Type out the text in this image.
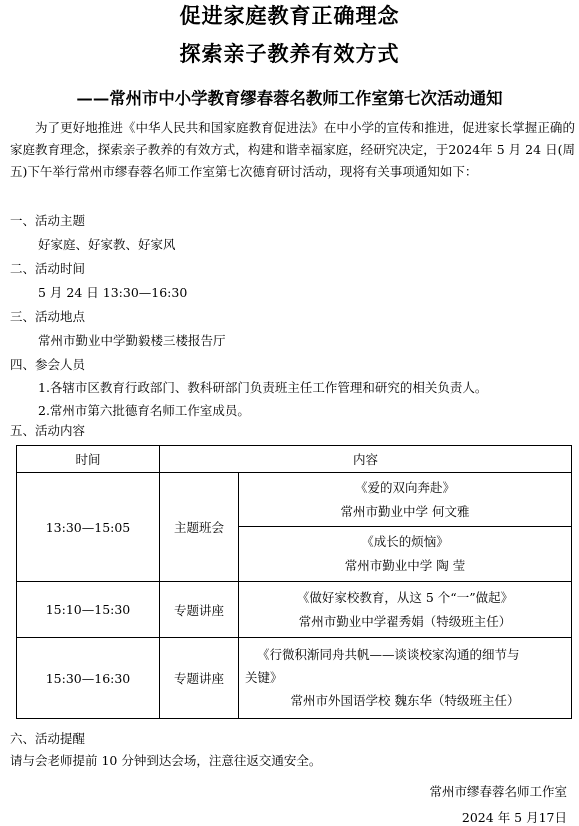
促进家庭教育正确理念
探索亲子教养有效方式
——常州市中小学教育缪春蓉名教师工作室第七次活动通知
为了更好地推进《中华人民共和国家庭教育促进法》在中小学的宣传和推进，促进家长掌握正确的家庭教育理念，探索亲子教养的有效方式，构建和谐幸福家庭，经研究决定，于2024年 5 月 24 日(周五)下午举行常州市缪春蓉名师工作室第七次德育研讨活动，现将有关事项通知如下：
一、活动主题
好家庭、好家教、好家风
二、活动时间
5 月 24 日 13:30—16:30
三、活动地点
常州市勤业中学勤毅楼三楼报告厅
四、参会人员
1.各辖市区教育行政部门、教科研部门负责班主任工作管理和研究的相关负责人。
2.常州市第六批德育名师工作室成员。
五、活动内容
时间	内容	
13:30—15:05	主题班会	《爱的双向奔赴》
常州市勤业中学 何文雅

		《成长的烦恼》
常州市勤业中学 陶 莹

15:10—15:30	专题讲座	《做好家校教育，从这 5 个“一”做起》
常州市勤业中学翟秀娟（特级班主任）

15:30—16:30	专题讲座	《行微积渐同舟共帆——谈谈校家沟通的细节与
关键》
常州市外国语学校 魏东华（特级班主任）
六、活动提醒
请与会老师提前 10 分钟到达会场，注意往返交通安全。
常州市缪春蓉名师工作室
2024 年 5 月17日
